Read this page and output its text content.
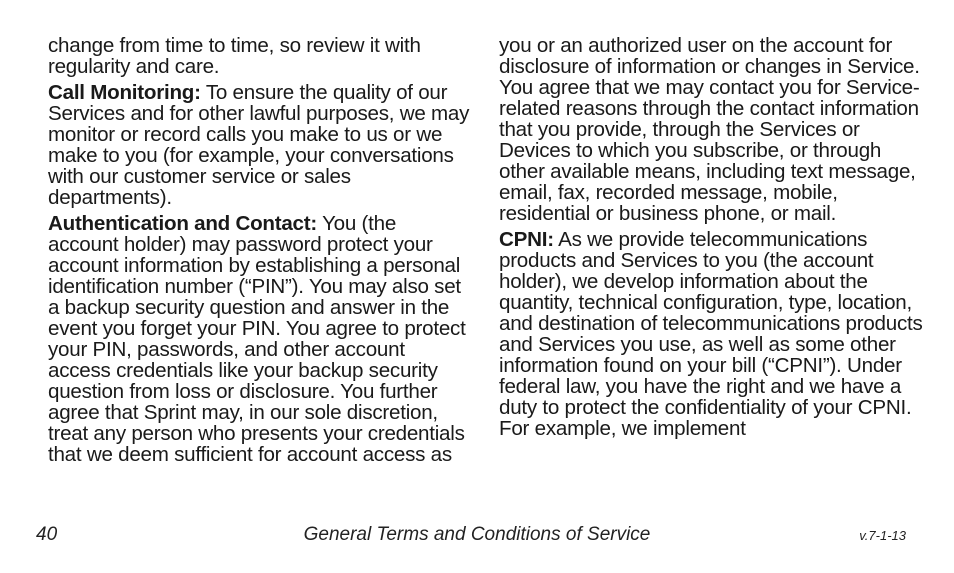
change from time to time, so review it with regularity and care.

Call Monitoring: To ensure the quality of our Services and for other lawful purposes, we may monitor or record calls you make to us or we make to you (for example, your conversations with our customer service or sales departments).

Authentication and Contact: You (the account holder) may password protect your account information by establishing a personal identification number (“PIN”). You may also set a backup security question and answer in the event you forget your PIN. You agree to protect your PIN, passwords, and other account access credentials like your backup security question from loss or disclosure. You further agree that Sprint may, in our sole discretion, treat any person who presents your credentials that we deem sufficient for account access as

you or an authorized user on the account for disclosure of information or changes in Service. You agree that we may contact you for Service-related reasons through the contact information that you provide, through the Services or Devices to which you subscribe, or through other available means, including text message, email, fax, recorded message, mobile, residential or business phone, or mail.

CPNI: As we provide telecommunications products and Services to you (the account holder), we develop information about the quantity, technical configuration, type, location, and destination of telecommunications products and Services you use, as well as some other information found on your bill (“CPNI”). Under federal law, you have the right and we have a duty to protect the confidentiality of your CPNI. For example, we implement

40	General Terms and Conditions of Service	v.7-1-13
